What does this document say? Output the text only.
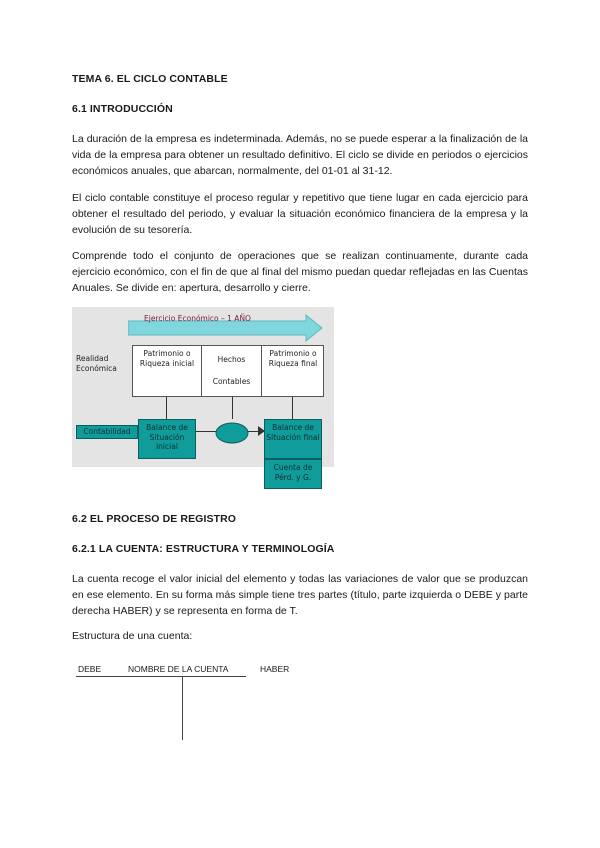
TEMA 6. EL CICLO CONTABLE
6.1 INTRODUCCIÓN
La duración de la empresa es indeterminada. Además, no se puede esperar a la finalización de la vida de la empresa para obtener un resultado definitivo. El ciclo se divide en periodos o ejercicios económicos anuales, que abarcan, normalmente, del 01-01 al 31-12.
El ciclo contable constituye el proceso regular y repetitivo que tiene lugar en cada ejercicio para obtener el resultado del periodo, y evaluar la situación económico financiera de la empresa y la evolución de su tesorería.
Comprende todo el conjunto de operaciones que se realizan continuamente, durante cada ejercicio económico, con el fin de que al final del mismo puedan quedar reflejadas en las Cuentas Anuales. Se divide en: apertura, desarrollo y cierre.
Ejercicio Económico – 1 AÑO
Realidad Económica
Patrimonio o Riqueza inicial	Hechos
Contables
Patrimonio o Riqueza final
Contabilidad	Balance de Situación inicial
Balance de Situación final
Cuenta de Pérd. y G.
6.2 EL PROCESO DE REGISTRO
6.2.1 LA CUENTA: ESTRUCTURA Y TERMINOLOGÍA
La cuenta recoge el valor inicial del elemento y todas las variaciones de valor que se produzcan en ese elemento. En su forma más simple tiene tres partes (título, parte izquierda o DEBE y parte derecha HABER) y se representa en forma de T.
Estructura de una cuenta:
DEBE	NOMBRE DE LA CUENTA	HABER
